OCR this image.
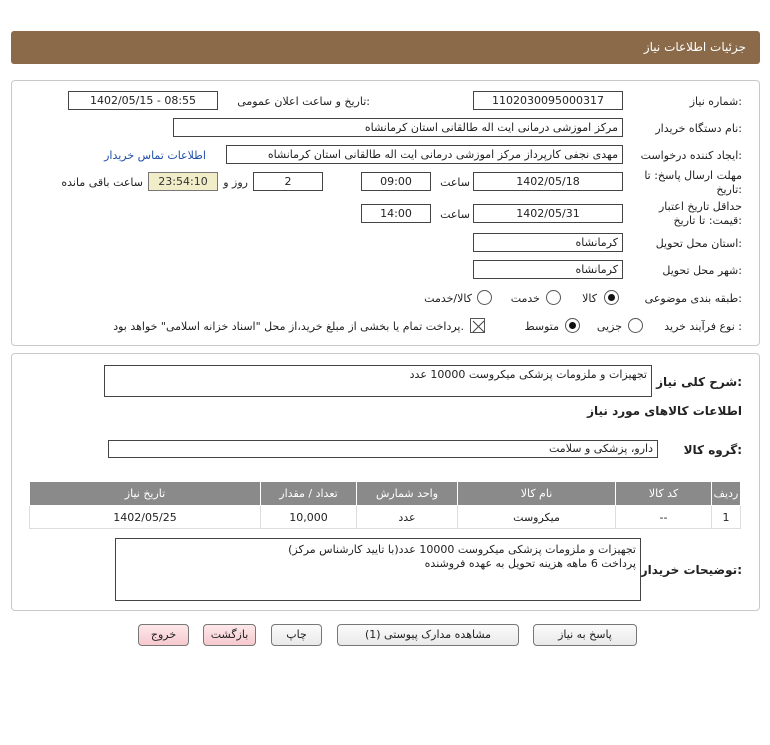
جزئیات اطلاعات نیاز
شماره نیاز:
1102030095000317
تاریخ و ساعت اعلان عمومی:
1402/05/15 - 08:55
نام دستگاه خریدار:
مرکز اموزشی درمانی ایت اله طالقانی استان کرمانشاه
ایجاد کننده درخواست:
مهدی نجفی کارپرداز مرکز اموزشی درمانی ایت اله طالقانی استان کرمانشاه
اطلاعات تماس خریدار
مهلت ارسال پاسخ: تا
تاریخ:
1402/05/18
ساعت
09:00
2
روز و
23:54:10
ساعت باقی مانده
حداقل تاریخ اعتبار
قیمت: تا تاریخ:
1402/05/31
ساعت
14:00
استان محل تحویل:
کرمانشاه
شهر محل تحویل:
کرمانشاه
طبقه بندی موضوعی:
کالا
خدمت
کالا/خدمت
نوع فرآیند خرید :
جزیی
متوسط
پرداخت تمام یا بخشی از مبلغ خرید،از محل "اسناد خزانه اسلامی" خواهد بود.
شرح کلی نیاز:
تجهیزات و ملزومات پزشکی میکروست 10000 عدد
اطلاعات کالاهای مورد نیاز
گروه کالا:
دارو، پزشکی و سلامت
ردیف	کد کالا	نام کالا	واحد شمارش	تعداد / مقدار	تاریخ نیاز
1	--	میکروست	عدد	10,000	1402/05/25
توضیحات خریدار:
تجهیزات و ملزومات پزشکی میکروست 10000 عدد(با تایید کارشناس مرکز)
پرداخت 6 ماهه هزینه تحویل به عهده فروشنده
پاسخ به نیاز
مشاهده مدارک پیوستی (1)
چاپ
بازگشت
خروج
